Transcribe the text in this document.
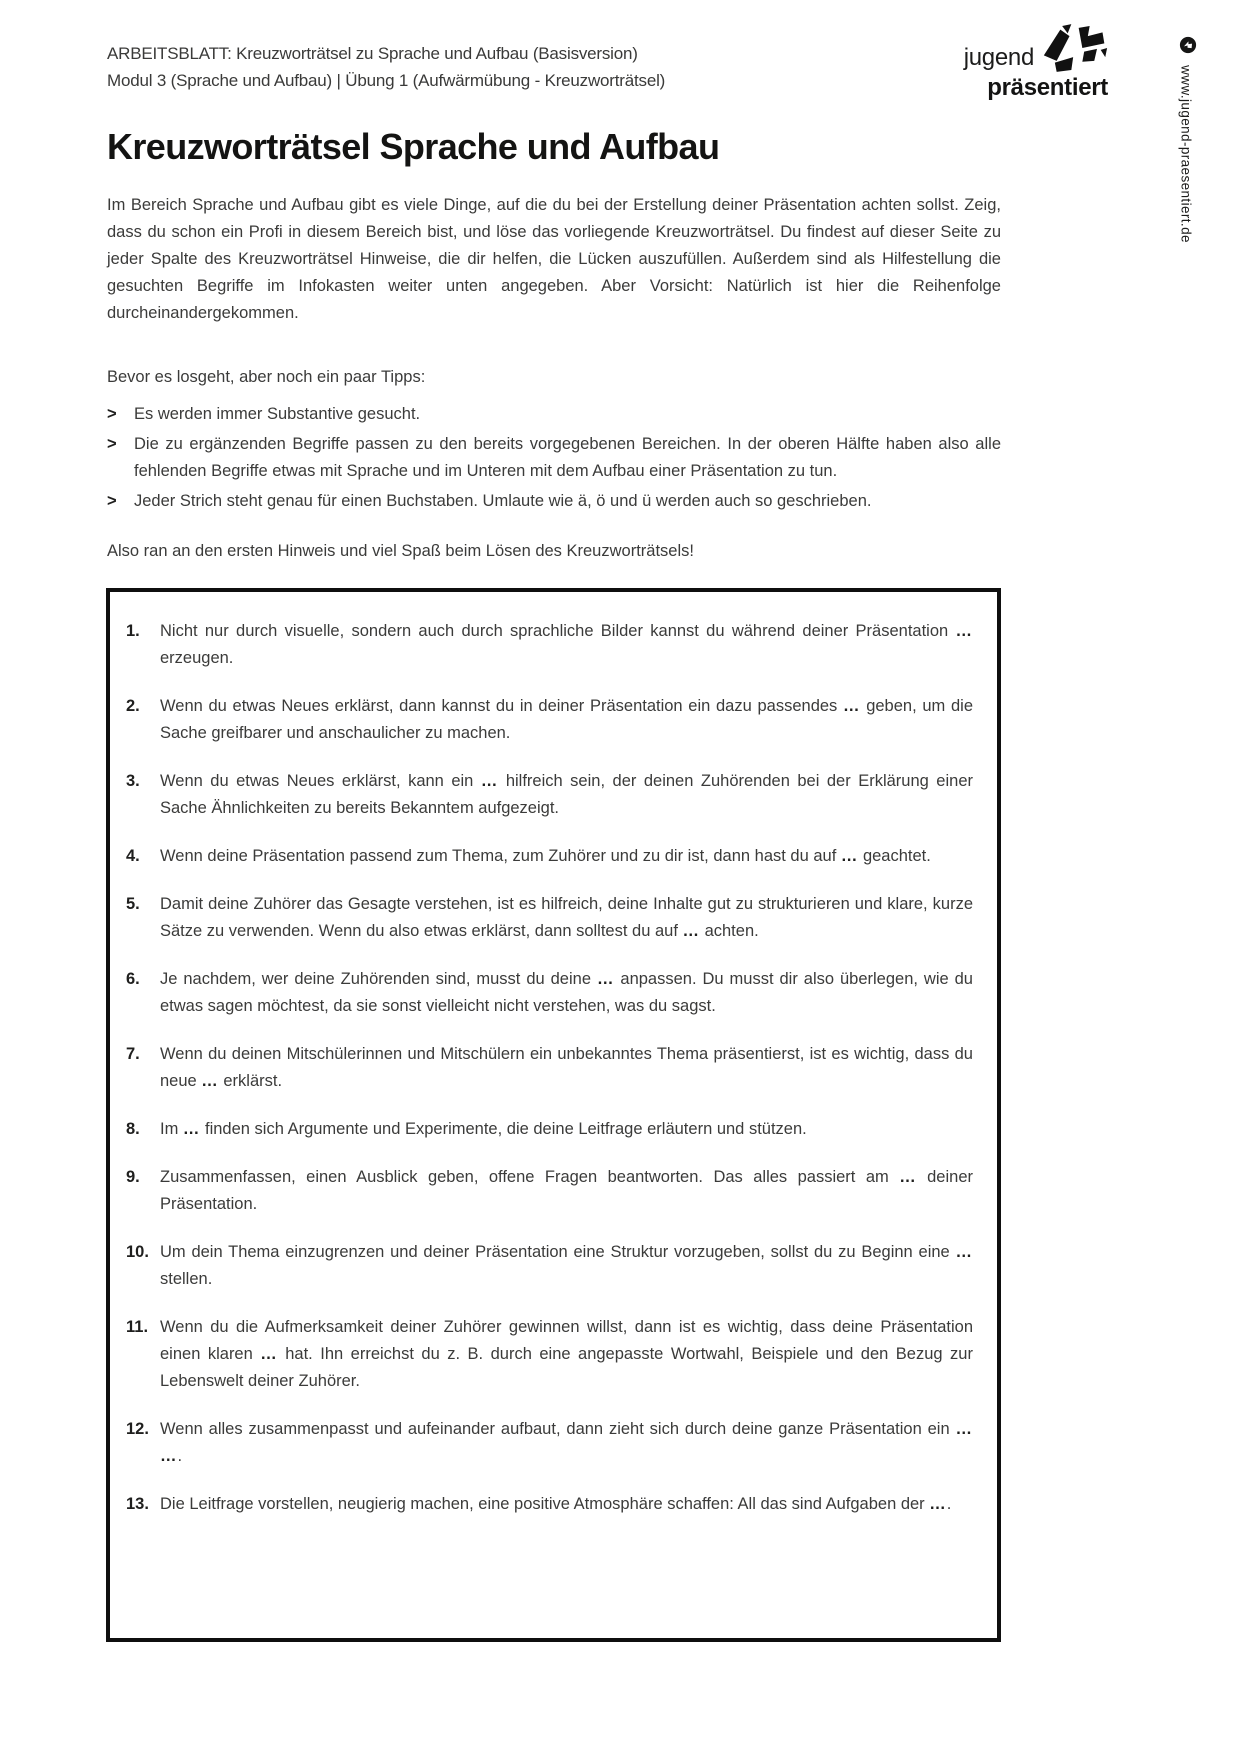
ARBEITSBLATT: Kreuzworträtsel zu Sprache und Aufbau (Basisversion)
Modul 3 (Sprache und Aufbau) | Übung 1 (Aufwärmübung - Kreuzworträtsel)
jugend
präsentiert	www.jugend-praesentiert.de
Kreuzworträtsel Sprache und Aufbau

Im Bereich Sprache und Aufbau gibt es viele Dinge, auf die du bei der Erstellung deiner Präsentation achten sollst. Zeig, dass du schon ein Profi in diesem Bereich bist, und löse das vorliegende Kreuzworträtsel. Du findest auf dieser Seite zu jeder Spalte des Kreuzworträtsel Hinweise, die dir helfen, die Lücken auszufüllen. Außerdem sind als Hilfestellung die gesuchten Begriffe im Infokasten weiter unten angegeben. Aber Vorsicht: Natürlich ist hier die Reihenfolge durcheinandergekommen.

Bevor es losgeht, aber noch ein paar Tipps:

>	Es werden immer Substantive gesucht.
>	Die zu ergänzenden Begriffe passen zu den bereits vorgegebenen Bereichen. In der oberen Hälfte haben also alle fehlenden Begriffe etwas mit Sprache und im Unteren mit dem Aufbau einer Präsentation zu tun.
>	Jeder Strich steht genau für einen Buchstaben. Umlaute wie ä, ö und ü werden auch so geschrieben.

Also ran an den ersten Hinweis und viel Spaß beim Lösen des Kreuzworträtsels!

1.	Nicht nur durch visuelle, sondern auch durch sprachliche Bilder kannst du während deiner Präsentation … erzeugen.
2.	Wenn du etwas Neues erklärst, dann kannst du in deiner Präsentation ein dazu passendes … geben, um die Sache greifbarer und anschaulicher zu machen.
3.	Wenn du etwas Neues erklärst, kann ein … hilfreich sein, der deinen Zuhörenden bei der Erklärung einer Sache Ähnlichkeiten zu bereits Bekanntem aufgezeigt.
4.	Wenn deine Präsentation passend zum Thema, zum Zuhörer und zu dir ist, dann hast du auf … geachtet.
5.	Damit deine Zuhörer das Gesagte verstehen, ist es hilfreich, deine Inhalte gut zu strukturieren und klare, kurze Sätze zu verwenden. Wenn du also etwas erklärst, dann solltest du auf … achten.
6.	Je nachdem, wer deine Zuhörenden sind, musst du deine … anpassen. Du musst dir also überlegen, wie du etwas sagen möchtest, da sie sonst vielleicht nicht verstehen, was du sagst.
7.	Wenn du deinen Mitschülerinnen und Mitschülern ein unbekanntes Thema präsentierst, ist es wichtig, dass du neue … erklärst.
8.	Im … finden sich Argumente und Experimente, die deine Leitfrage erläutern und stützen.
9.	Zusammenfassen, einen Ausblick geben, offene Fragen beantworten. Das alles passiert am … deiner Präsentation.
10. Um dein Thema einzugrenzen und deiner Präsentation eine Struktur vorzugeben, sollst du zu Beginn eine … stellen.
11. Wenn du die Aufmerksamkeit deiner Zuhörer gewinnen willst, dann ist es wichtig, dass deine Präsentation einen klaren … hat. Ihn erreichst du z. B. durch eine angepasste Wortwahl, Beispiele und den Bezug zur Lebenswelt deiner Zuhörer.
12. Wenn alles zusammenpasst und aufeinander aufbaut, dann zieht sich durch deine ganze Präsentation ein … ….
13. Die Leitfrage vorstellen, neugierig machen, eine positive Atmosphäre schaffen: All das sind Aufgaben der ….
